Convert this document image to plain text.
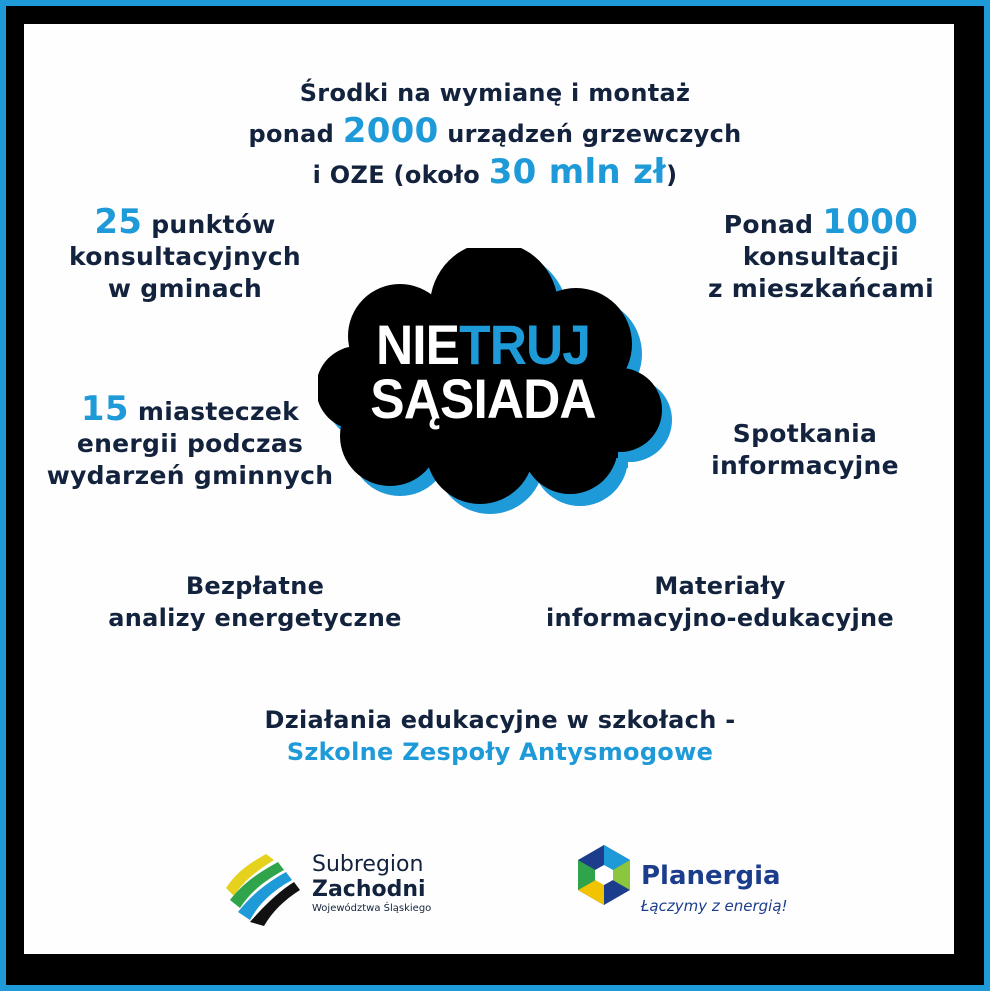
Środki na wymianę i montaż
ponad 2000 urządzeń grzewczych
i OZE (około 30 mln zł)
25 punktów
konsultacyjnych
w gminach
Ponad 1000
konsultacji
z mieszkańcami
15 miasteczek
energii podczas
wydarzeń gminnych
Spotkania
informacyjne
Bezpłatne
analizy energetyczne
Materiały
informacyjno-edukacyjne
Działania edukacyjne w szkołach -
Szkolne Zespoły Antysmogowe
NIETRUJ
SĄSIADA
Subregion
Zachodni
Województwa Śląskiego
Planergia
Łączymy z energią!
